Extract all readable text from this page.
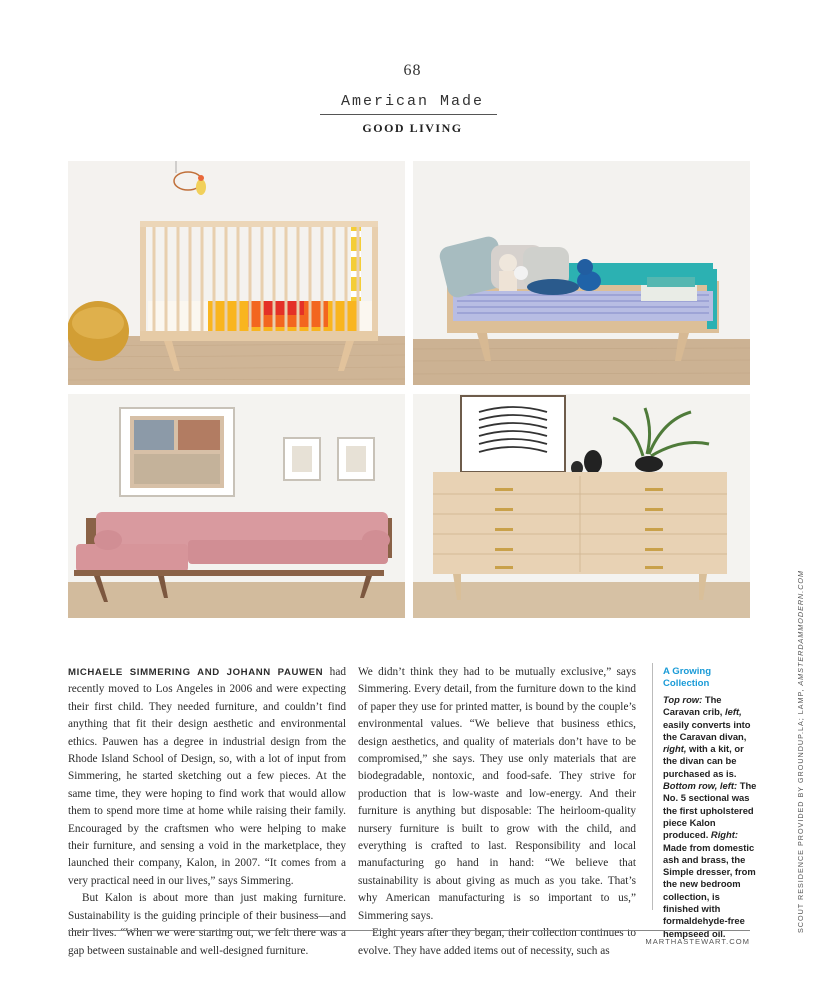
68
American Made
GOOD LIVING

MICHAELE SIMMERING AND JOHANN PAUWEN had recently moved to Los Angeles in 2006 and were expecting their first child. They needed furniture, and couldn’t find anything that fit their design aesthetic and environmental ethics. Pauwen has a degree in industrial design from the Rhode Island School of Design, so, with a lot of input from Simmering, he started sketching out a few pieces. At the same time, they were hoping to find work that would allow them to spend more time at home while raising their family. Encouraged by the craftsmen who were helping to make their furniture, and sensing a void in the marketplace, they launched their company, Kalon, in 2007. “It comes from a very practical need in our lives,” says Simmering.

But Kalon is about more than just making furniture. Sustainability is the guiding principle of their business—and their lives. “When we were starting out, we felt there was a gap between sustainable and well-designed furniture.

We didn’t think they had to be mutually exclusive,” says Simmering. Every detail, from the furniture down to the kind of paper they use for printed matter, is bound by the couple’s environmental values. “We believe that business ethics, design aesthetics, and quality of materials don’t have to be compromised,” she says. They use only materials that are biodegradable, nontoxic, and food-safe. They strive for production that is low-waste and low-energy. And their furniture is anything but disposable: The heirloom-quality nursery furniture is built to grow with the child, and everything is crafted to last. Responsibility and local manufacturing go hand in hand: “We believe that sustainability is about giving as much as you take. That’s why American manufacturing is so important to us,” Simmering says.

Eight years after they began, their collection continues to evolve. They have added items out of necessity, such as

A Growing Collection
Top row: The Caravan crib, left, easily converts into the Caravan divan, right, with a kit, or the divan can be purchased as is. Bottom row, left: The No. 5 sectional was the first upholstered piece Kalon produced. Right: Made from domestic ash and brass, the Simple dresser, from the new bedroom collection, is finished with formaldehyde-free hempseed oil.
SCOUT RESIDENCE PROVIDED BY GROUNDUP.LA; LAMP, AMSTERDAMMODERN.COM
MARTHASTEWART.COM
